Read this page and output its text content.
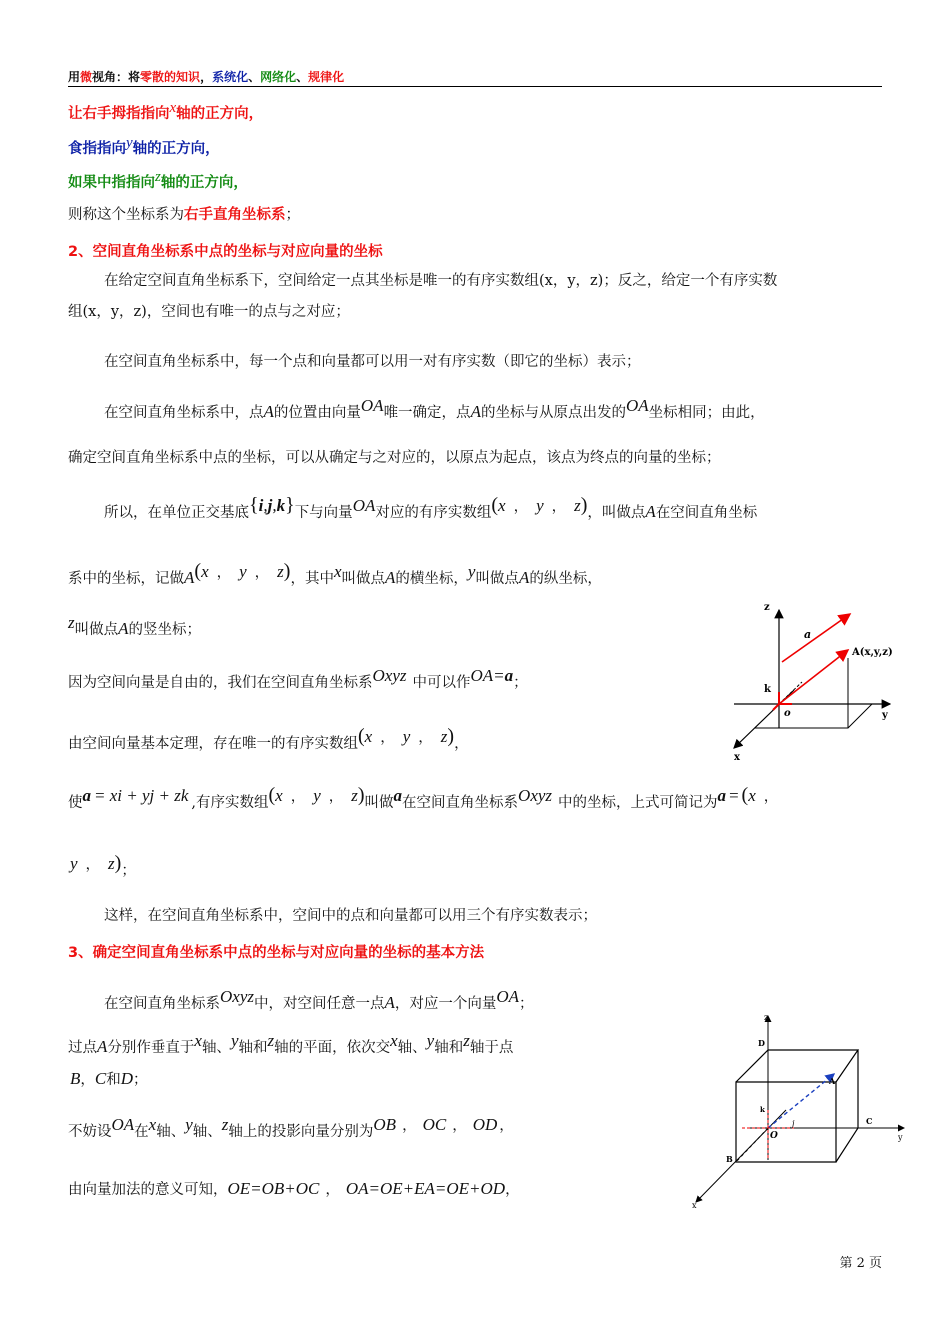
用微视角：将零散的知识，系统化、网络化、规律化
让右手拇指指向x轴的正方向，
食指指向y轴的正方向，
如果中指指向z轴的正方向，
则称这个坐标系为右手直角坐标系；
2、空间直角坐标系中点的坐标与对应向量的坐标
在给定空间直角坐标系下，空间给定一点其坐标是唯一的有序实数组(x，y，z)；反之，给定一个有序实数
组(x，y，z)，空间也有唯一的点与之对应；
在空间直角坐标系中，每一个点和向量都可以用一对有序实数（即它的坐标）表示；
在空间直角坐标系中，点A的位置由向量OA唯一确定，点A的坐标与从原点出发的OA坐标相同；由此，
确定空间直角坐标系中点的坐标，可以从确定与之对应的，以原点为起点，该点为终点的向量的坐标；
所以，在单位正交基底{i,j,k}下与向量OA对应的有序实数组(x ， y ， z)，叫做点A在空间直角坐标
系中的坐标，记做A(x ， y ， z)，其中x叫做点A的横坐标，y叫做点A的纵坐标，
z叫做点A的竖坐标；
因为空间向量是自由的，我们在空间直角坐标系Oxyz 中可以作OA=a；
由空间向量基本定理，存在唯一的有序实数组(x ， y ， z)，
使a = xi + yj + zk ,有序实数组(x ， y ， z)叫做a在空间直角坐标系Oxyz 中的坐标，上式可简记为a = (x ，
y ， z)；
这样，在空间直角坐标系中，空间中的点和向量都可以用三个有序实数表示；
3、确定空间直角坐标系中点的坐标与对应向量的坐标的基本方法
在空间直角坐标系Oxyz中，对空间任意一点A，对应一个向量OA；
过点A分别作垂直于x轴、y轴和z轴的平面，依次交x轴、y轴和z轴于点
B，C和D；
不妨设OA在x轴、y轴、z轴上的投影向量分别为OB ， OC ， OD ，
由向量加法的意义可知，OE=OB+OC ， OA=OE+EA=OE+OD，
z
y
x
o
k
a
A(x,y,z)
z
y
x
D
A
B
C
O
k
j
第 2 页
